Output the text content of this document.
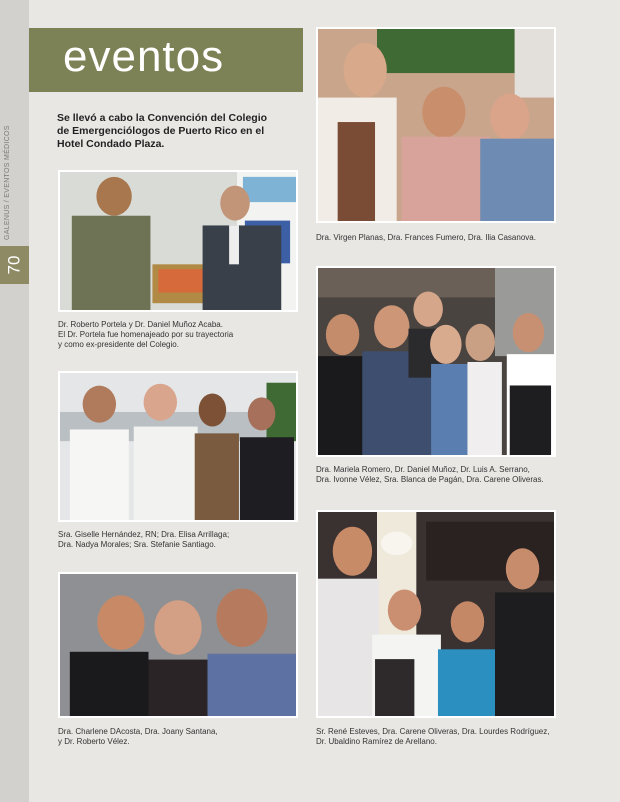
GALENUS / EVENTOS MÉDICOS
70
eventos
Se llevó a cabo la Convención del Colegio
de Emergenciólogos de Puerto Rico en el
Hotel Condado Plaza.
Dr. Roberto Portela y Dr. Daniel Muñoz Acaba.
El Dr. Portela fue homenajeado por su trayectoria
y como ex-presidente del Colegio.
Sra. Giselle Hernández, RN; Dra. Elisa Arrillaga;
Dra. Nadya Morales; Sra. Stefanie Santiago.
Dra. Charlene DAcosta, Dra. Joany Santana,
y Dr. Roberto Vélez.
Dra. Virgen Planas, Dra. Frances Fumero, Dra. Ilia Casanova.
Dra. Mariela Romero, Dr. Daniel Muñoz, Dr. Luis A. Serrano,
Dra. Ivonne Vélez, Sra. Blanca de Pagán, Dra. Carene Oliveras.
Sr. René Esteves, Dra. Carene Oliveras, Dra. Lourdes Rodríguez,
Dr. Ubaldino Ramírez de Arellano.
